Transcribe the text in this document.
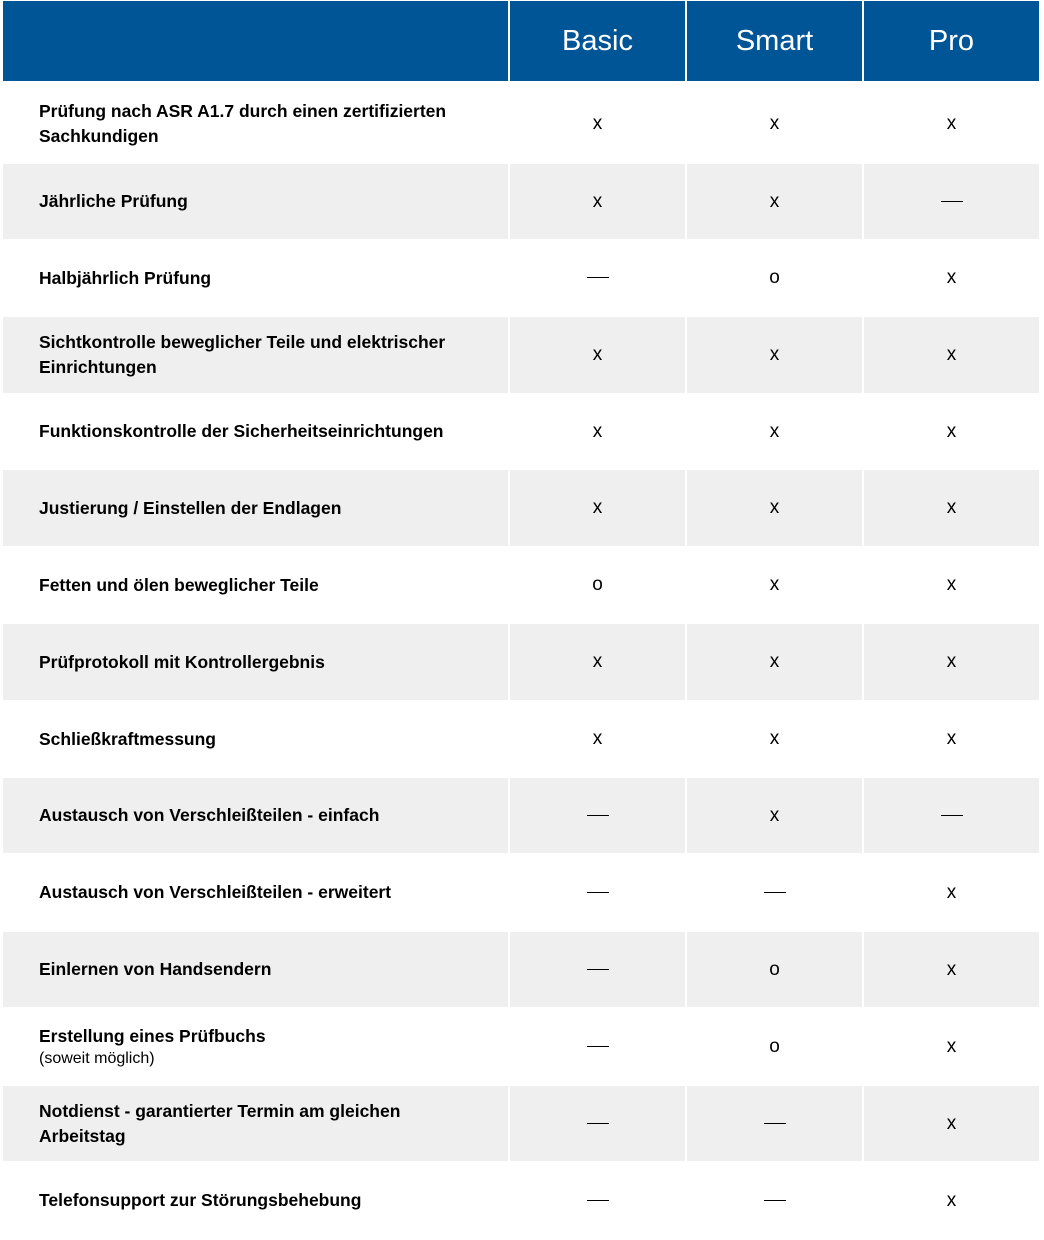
	Basic	Smart	Pro
Prüfung nach ASR A1.7 durch einen zertifizierten Sachkundigen	x	x	x
Jährliche Prüfung	x	x	
Halbjährlich Prüfung		o	x
Sichtkontrolle beweglicher Teile und elektrischer Einrichtungen	x	x	x
Funktionskontrolle der Sicherheitseinrichtungen	x	x	x
Justierung / Einstellen der Endlagen	x	x	x
Fetten und ölen beweglicher Teile	o	x	x
Prüfprotokoll mit Kontrollergebnis	x	x	x
Schließkraftmessung	x	x	x
Austausch von Verschleißteilen - einfach		x	
Austausch von Verschleißteilen - erweitert			x
Einlernen von Handsendern		o	x
Erstellung eines Prüfbuchs
(soweit möglich)		o	x
Notdienst - garantierter Termin am gleichen Arbeitstag			x
Telefonsupport zur Störungsbehebung			x
